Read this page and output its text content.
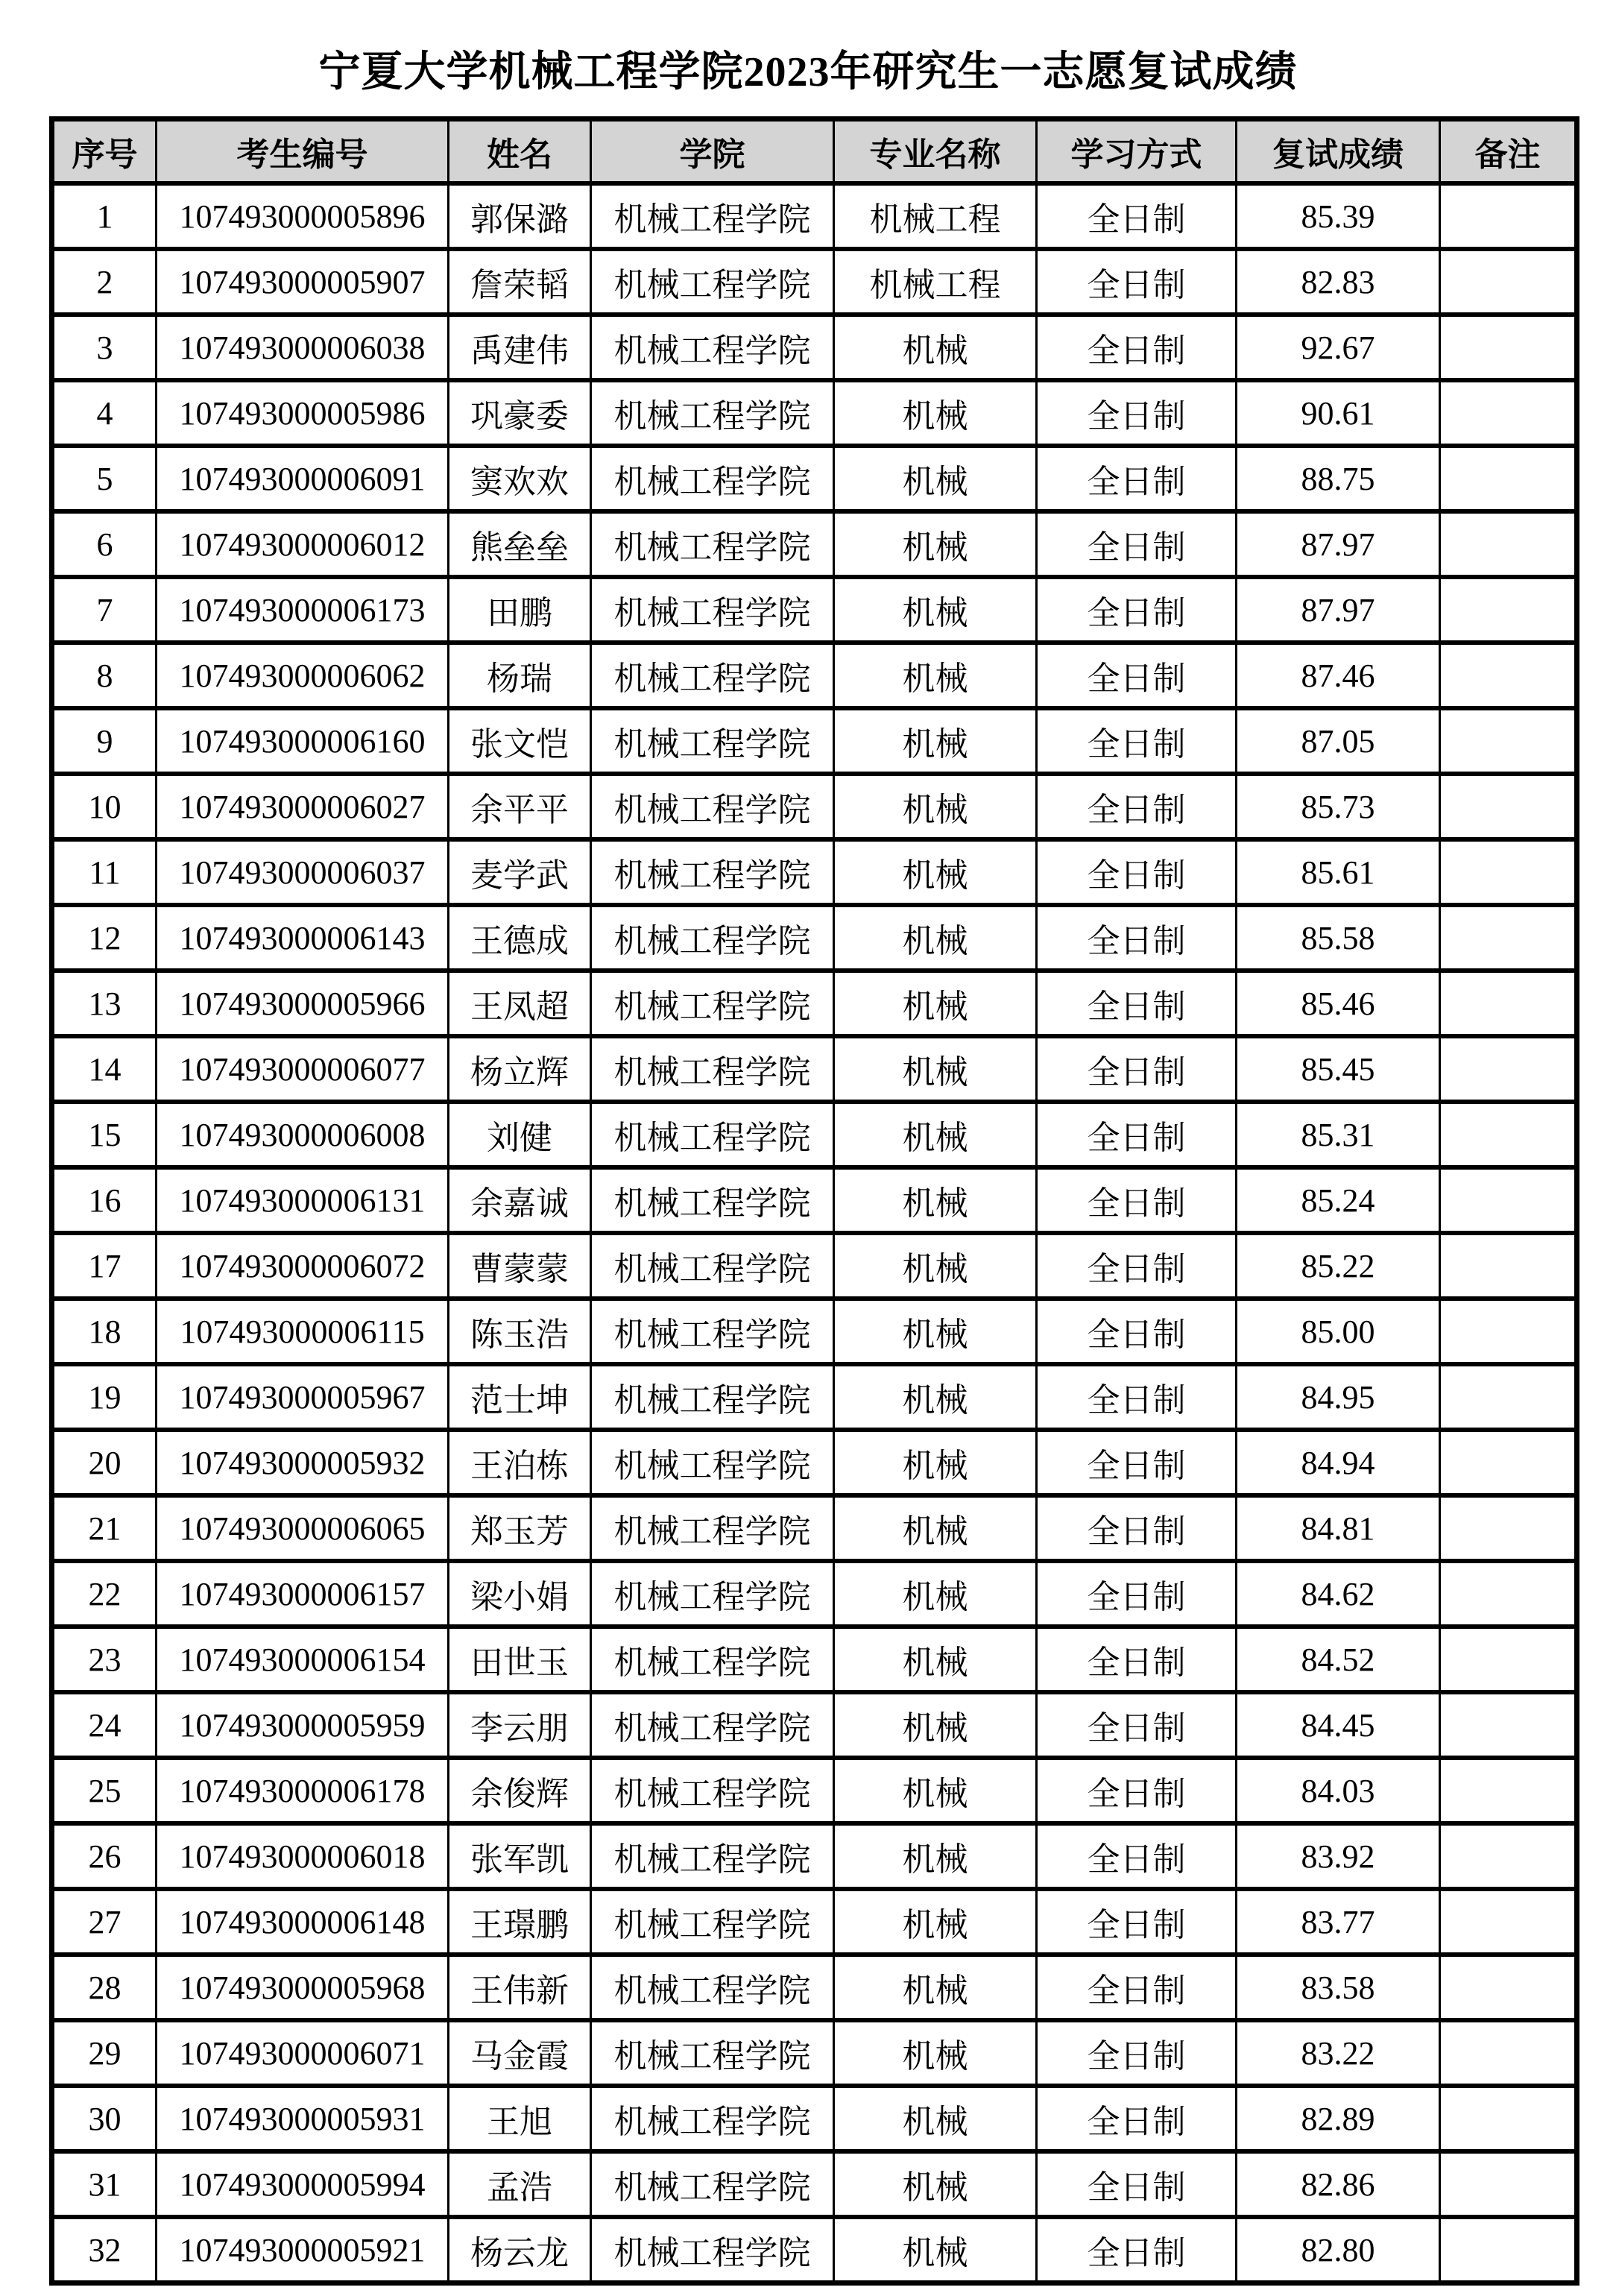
宁夏大学机械工程学院2023年研究生一志愿复试成绩
序号	考生编号	姓名	学院	专业名称	学习方式	复试成绩	备注
1	107493000005896	郭保潞	机械工程学院	机械工程	全日制	85.39	
2	107493000005907	詹荣韬	机械工程学院	机械工程	全日制	82.83	
3	107493000006038	禹建伟	机械工程学院	机械	全日制	92.67	
4	107493000005986	巩豪委	机械工程学院	机械	全日制	90.61	
5	107493000006091	窦欢欢	机械工程学院	机械	全日制	88.75	
6	107493000006012	熊垒垒	机械工程学院	机械	全日制	87.97	
7	107493000006173	田鹏	机械工程学院	机械	全日制	87.97	
8	107493000006062	杨瑞	机械工程学院	机械	全日制	87.46	
9	107493000006160	张文恺	机械工程学院	机械	全日制	87.05	
10	107493000006027	余平平	机械工程学院	机械	全日制	85.73	
11	107493000006037	麦学武	机械工程学院	机械	全日制	85.61	
12	107493000006143	王德成	机械工程学院	机械	全日制	85.58	
13	107493000005966	王凤超	机械工程学院	机械	全日制	85.46	
14	107493000006077	杨立辉	机械工程学院	机械	全日制	85.45	
15	107493000006008	刘健	机械工程学院	机械	全日制	85.31	
16	107493000006131	余嘉诚	机械工程学院	机械	全日制	85.24	
17	107493000006072	曹蒙蒙	机械工程学院	机械	全日制	85.22	
18	107493000006115	陈玉浩	机械工程学院	机械	全日制	85.00	
19	107493000005967	范士坤	机械工程学院	机械	全日制	84.95	
20	107493000005932	王泊栋	机械工程学院	机械	全日制	84.94	
21	107493000006065	郑玉芳	机械工程学院	机械	全日制	84.81	
22	107493000006157	梁小娟	机械工程学院	机械	全日制	84.62	
23	107493000006154	田世玉	机械工程学院	机械	全日制	84.52	
24	107493000005959	李云朋	机械工程学院	机械	全日制	84.45	
25	107493000006178	余俊辉	机械工程学院	机械	全日制	84.03	
26	107493000006018	张军凯	机械工程学院	机械	全日制	83.92	
27	107493000006148	王璟鹏	机械工程学院	机械	全日制	83.77	
28	107493000005968	王伟新	机械工程学院	机械	全日制	83.58	
29	107493000006071	马金霞	机械工程学院	机械	全日制	83.22	
30	107493000005931	王旭	机械工程学院	机械	全日制	82.89	
31	107493000005994	孟浩	机械工程学院	机械	全日制	82.86	
32	107493000005921	杨云龙	机械工程学院	机械	全日制	82.80	
